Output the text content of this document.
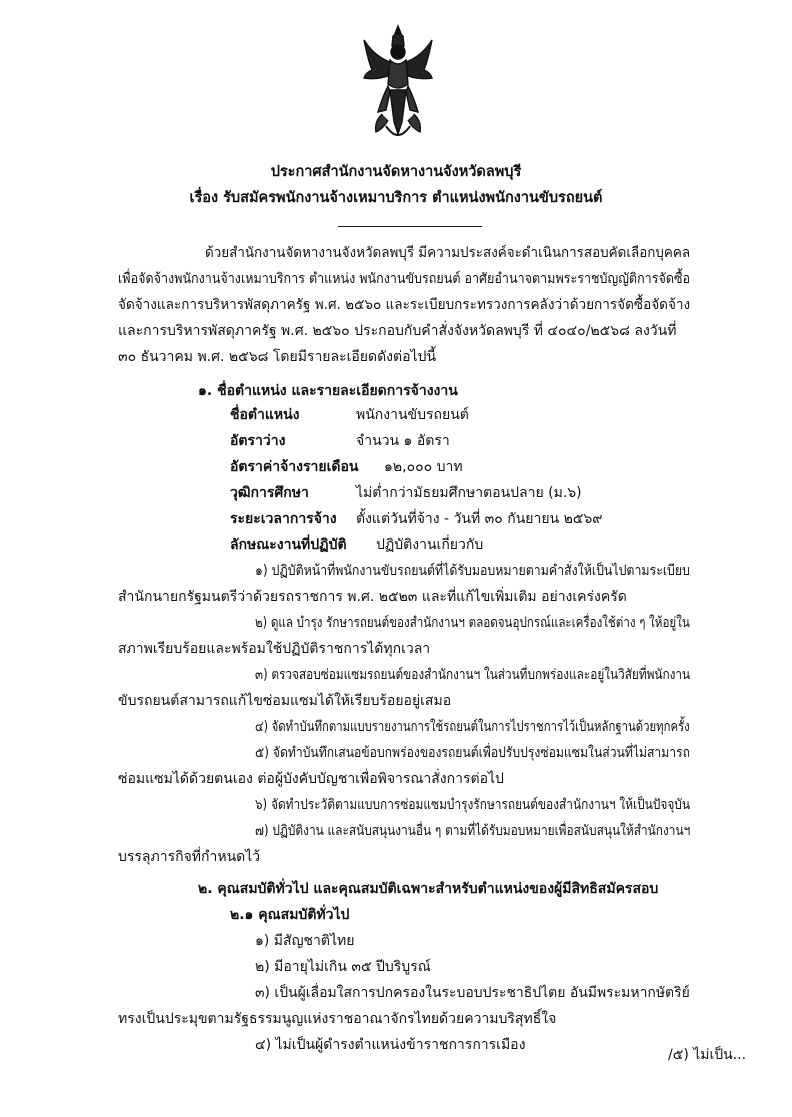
ประกาศสำนักงานจัดหางานจังหวัดลพบุรี
เรื่อง รับสมัครพนักงานจ้างเหมาบริการ ตำแหน่งพนักงานขับรถยนต์
ด้วยสำนักงานจัดหางานจังหวัดลพบุรี มีความประสงค์จะดำเนินการสอบคัดเลือกบุคคล
เพื่อจัดจ้างพนักงานจ้างเหมาบริการ ตำแหน่ง พนักงานขับรถยนต์ อาศัยอำนาจตามพระราชบัญญัติการจัดซื้อ
จัดจ้างและการบริหารพัสดุภาครัฐ พ.ศ. ๒๕๖๐ และระเบียบกระทรวงการคลังว่าด้วยการจัดซื้อจัดจ้าง
และการบริหารพัสดุภาครัฐ พ.ศ. ๒๕๖๐ ประกอบกับคำสั่งจังหวัดลพบุรี ที่ ๔๐๔๐/๒๕๖๘ ลงวันที่
๓๐ ธันวาคม พ.ศ. ๒๕๖๘ โดยมีรายละเอียดดังต่อไปนี้
๑. ชื่อตำแหน่ง และรายละเอียดการจ้างงาน
ชื่อตำแหน่ง	พนักงานขับรถยนต์
อัตราว่าง	จำนวน ๑ อัตรา
อัตราค่าจ้างรายเดือน ๑๒,๐๐๐ บาท
วุฒิการศึกษา	ไม่ต่ำกว่ามัธยมศึกษาตอนปลาย (ม.๖)
ระยะเวลาการจ้าง ตั้งแต่วันที่จ้าง - วันที่ ๓๐ กันยายน ๒๕๖๙
ลักษณะงานที่ปฏิบัติ ปฏิบัติงานเกี่ยวกับ
๑) ปฏิบัติหน้าที่พนักงานขับรถยนต์ที่ได้รับมอบหมายตามคำสั่งให้เป็นไปตามระเบียบ
สำนักนายกรัฐมนตรีว่าด้วยรถราชการ พ.ศ. ๒๕๒๓ และที่แก้ไขเพิ่มเติม อย่างเคร่งครัด
๒) ดูแล บำรุง รักษารถยนต์ของสำนักงานฯ ตลอดจนอุปกรณ์และเครื่องใช้ต่าง ๆ ให้อยู่ใน
สภาพเรียบร้อยและพร้อมใช้ปฏิบัติราชการได้ทุกเวลา
๓) ตรวจสอบซ่อมแซมรถยนต์ของสำนักงานฯ ในส่วนที่บกพร่องและอยู่ในวิสัยที่พนักงาน
ขับรถยนต์สามารถแก้ไขซ่อมแซมได้ให้เรียบร้อยอยู่เสมอ
๔) จัดทำบันทึกตามแบบรายงานการใช้รถยนต์ในการไปราชการไว้เป็นหลักฐานด้วยทุกครั้ง
๕) จัดทำบันทึกเสนอข้อบกพร่องของรถยนต์เพื่อปรับปรุงซ่อมแซมในส่วนที่ไม่สามารถ
ซ่อมแซมได้ด้วยตนเอง ต่อผู้บังคับบัญชาเพื่อพิจารณาสั่งการต่อไป
๖) จัดทำประวัติตามแบบการซ่อมแซมบำรุงรักษารถยนต์ของสำนักงานฯ ให้เป็นปัจจุบัน
๗) ปฏิบัติงาน และสนับสนุนงานอื่น ๆ ตามที่ได้รับมอบหมายเพื่อสนับสนุนให้สำนักงานฯ
บรรลุภารกิจที่กำหนดไว้
๒. คุณสมบัติทั่วไป และคุณสมบัติเฉพาะสำหรับตำแหน่งของผู้มีสิทธิสมัครสอบ
๒.๑ คุณสมบัติทั่วไป
๑) มีสัญชาติไทย
๒) มีอายุไม่เกิน ๓๕ ปีบริบูรณ์
๓) เป็นผู้เลื่อมใสการปกครองในระบอบประชาธิปไตย อันมีพระมหากษัตริย์
ทรงเป็นประมุขตามรัฐธรรมนูญแห่งราชอาณาจักรไทยด้วยความบริสุทธิ์ใจ
๔) ไม่เป็นผู้ดำรงตำแหน่งข้าราชการการเมือง
/๕) ไม่เป็น...
